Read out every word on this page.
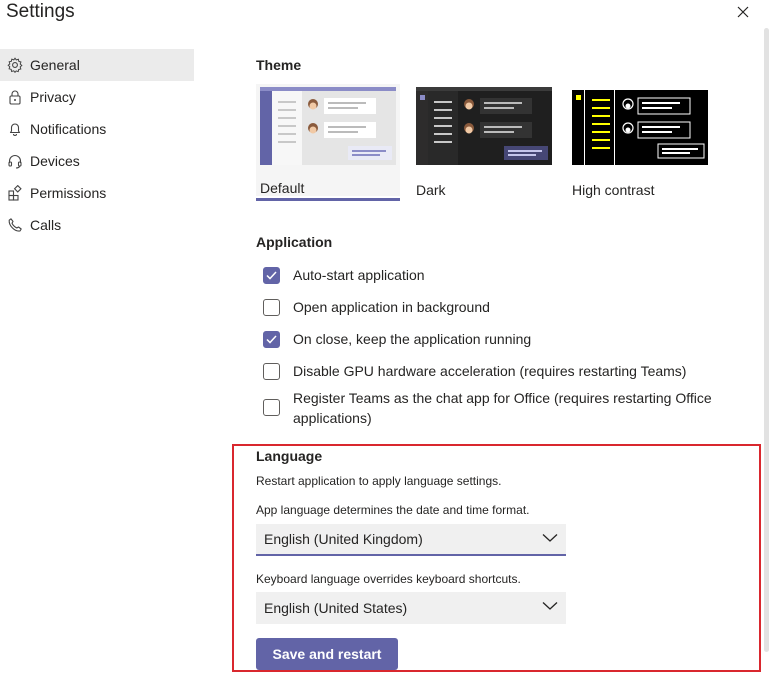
Settings
General
Privacy
Notifications
Devices
Permissions
Calls
Theme
Default	Dark	High contrast
Application
Auto-start application
Open application in background
On close, keep the application running
Disable GPU hardware acceleration (requires restarting Teams)
Register Teams as the chat app for Office (requires restarting Office applications)
Language
Restart application to apply language settings.
App language determines the date and time format.
English (United Kingdom)
Keyboard language overrides keyboard shortcuts.
English (United States)
Save and restart
